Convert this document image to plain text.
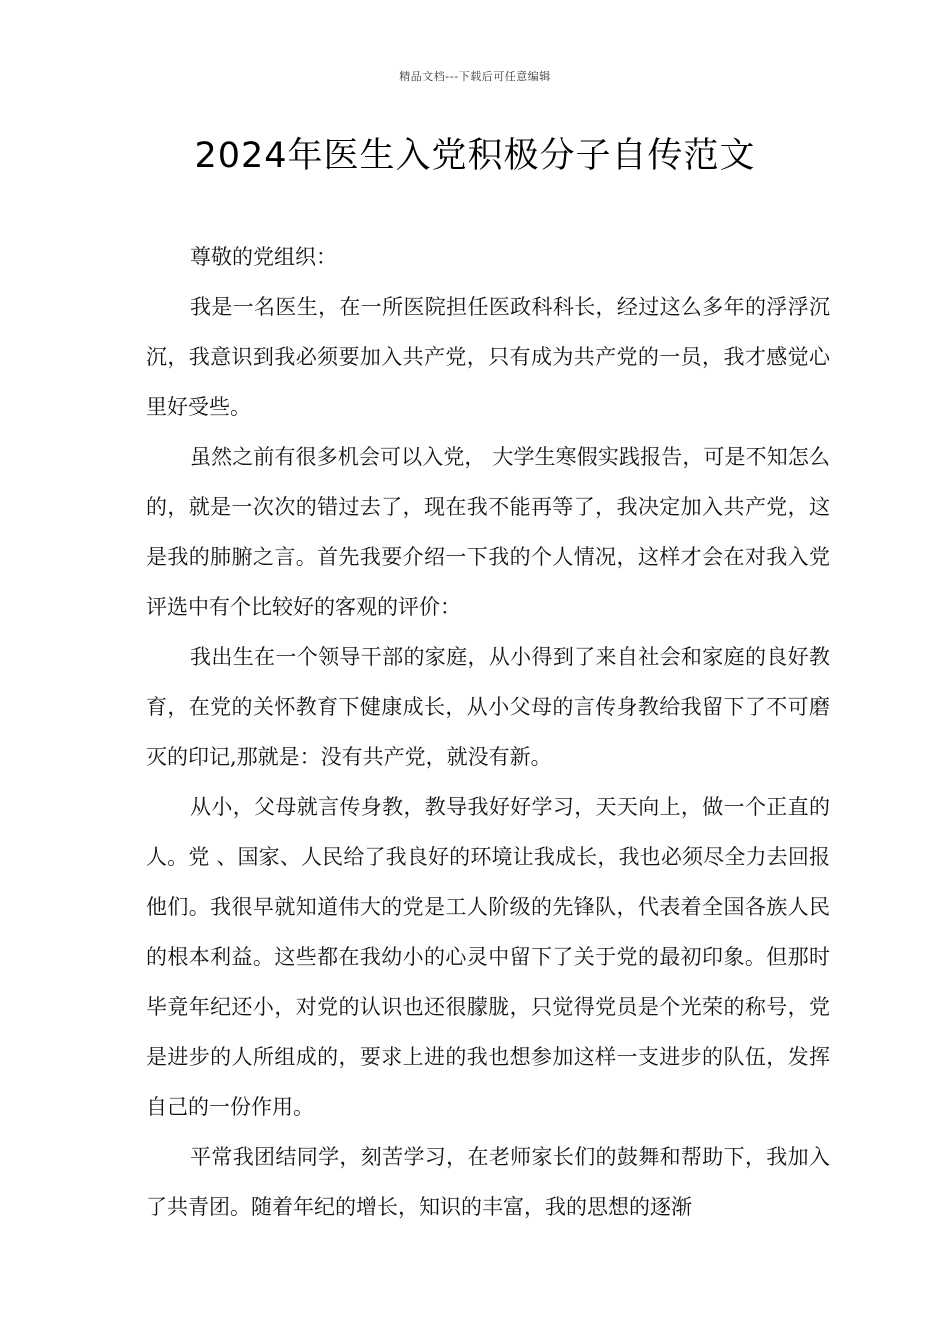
精品文档---下载后可任意编辑
2024年医生入党积极分子自传范文

尊敬的党组织：

我是一名医生，在一所医院担任医政科科长，经过这么多年的浮浮沉沉，我意识到我必须要加入共产党，只有成为共产党的一员，我才感觉心里好受些。

虽然之前有很多机会可以入党， 大学生寒假实践报告，可是不知怎么的，就是一次次的错过去了，现在我不能再等了，我决定加入共产党，这是我的肺腑之言。首先我要介绍一下我的个人情况，这样才会在对我入党评选中有个比较好的客观的评价：

我出生在一个领导干部的家庭，从小得到了来自社会和家庭的良好教育，在党的关怀教育下健康成长，从小父母的言传身教给我留下了不可磨灭的印记,那就是：没有共产党，就没有新。

从小，父母就言传身教，教导我好好学习，天天向上，做一个正直的人。党 、国家、人民给了我良好的环境让我成长，我也必须尽全力去回报他们。我很早就知道伟大的党是工人阶级的先锋队，代表着全国各族人民的根本利益。这些都在我幼小的心灵中留下了关于党的最初印象。但那时毕竟年纪还小，对党的认识也还很朦胧，只觉得党员是个光荣的称号，党是进步的人所组成的，要求上进的我也想参加这样一支进步的队伍，发挥自己的一份作用。

平常我团结同学，刻苦学习，在老师家长们的鼓舞和帮助下，我加入了共青团。随着年纪的增长，知识的丰富，我的思想的逐渐
